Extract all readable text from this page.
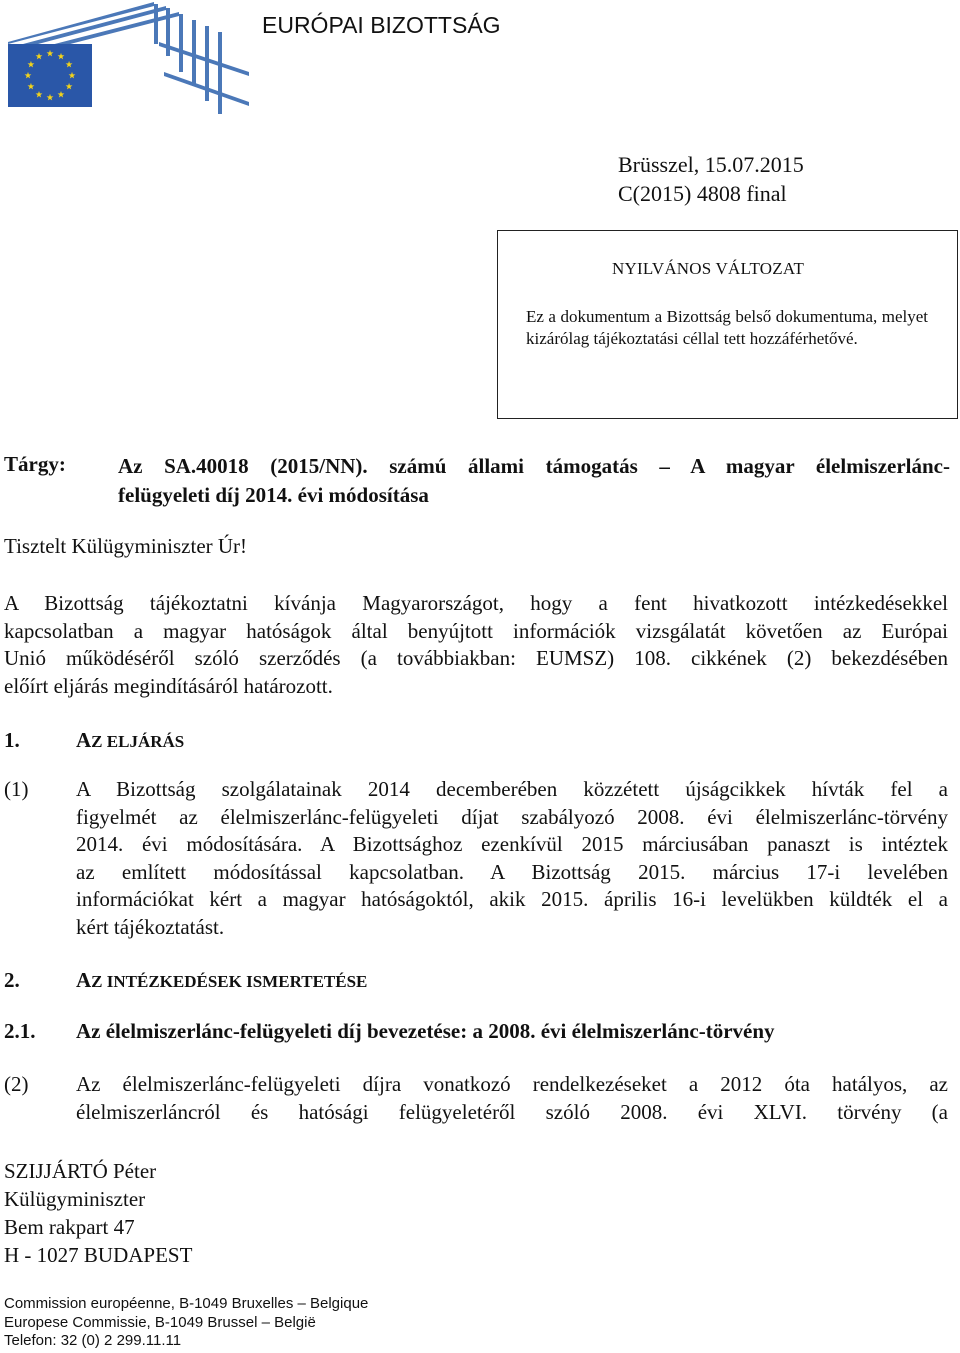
EURÓPAI BIZOTTSÁG
Brüsszel, 15.07.2015
C(2015) 4808 final
NYILVÁNOS VÁLTOZAT
Ez a dokumentum a Bizottság belső dokumentuma, melyet kizárólag tájékoztatási céllal tett hozzáférhetővé.
Tárgy: Az SA.40018 (2015/NN). számú állami támogatás – A magyar élelmiszerlánc-
felügyeleti díj 2014. évi módosítása
Tisztelt Külügyminiszter Úr!
A Bizottság tájékoztatni kívánja Magyarországot, hogy a fent hivatkozott intézkedésekkel
kapcsolatban a magyar hatóságok által benyújtott információk vizsgálatát követően az Európai
Unió működéséről szóló szerződés (a továbbiakban: EUMSZ) 108. cikkének (2) bekezdésében
előírt eljárás megindításáról határozott.
1.	AZ ELJÁRÁS
(1) A Bizottság szolgálatainak 2014 decemberében közzétett újságcikkek hívták fel a
figyelmét az élelmiszerlánc-felügyeleti díjat szabályozó 2008. évi élelmiszerlánc-törvény
2014. évi módosítására. A Bizottsághoz ezenkívül 2015 márciusában panaszt is intéztek
az említett módosítással kapcsolatban. A Bizottság 2015. március 17-i levelében
információkat kért a magyar hatóságoktól, akik 2015. április 16-i levelükben küldték el a
kért tájékoztatást.
2.	AZ INTÉZKEDÉSEK ISMERTETÉSE
2.1. Az élelmiszerlánc-felügyeleti díj bevezetése: a 2008. évi élelmiszerlánc-törvény
(2) Az élelmiszerlánc-felügyeleti díjra vonatkozó rendelkezéseket a 2012 óta hatályos, az
élelmiszerláncról és hatósági felügyeletéről szóló 2008. évi XLVI. törvény (a
SZIJJÁRTÓ Péter
Külügyminiszter
Bem rakpart 47
H - 1027 BUDAPEST
Commission européenne, B-1049 Bruxelles – Belgique
Europese Commissie, B-1049 Brussel – België
Telefon: 32 (0) 2 299.11.11
